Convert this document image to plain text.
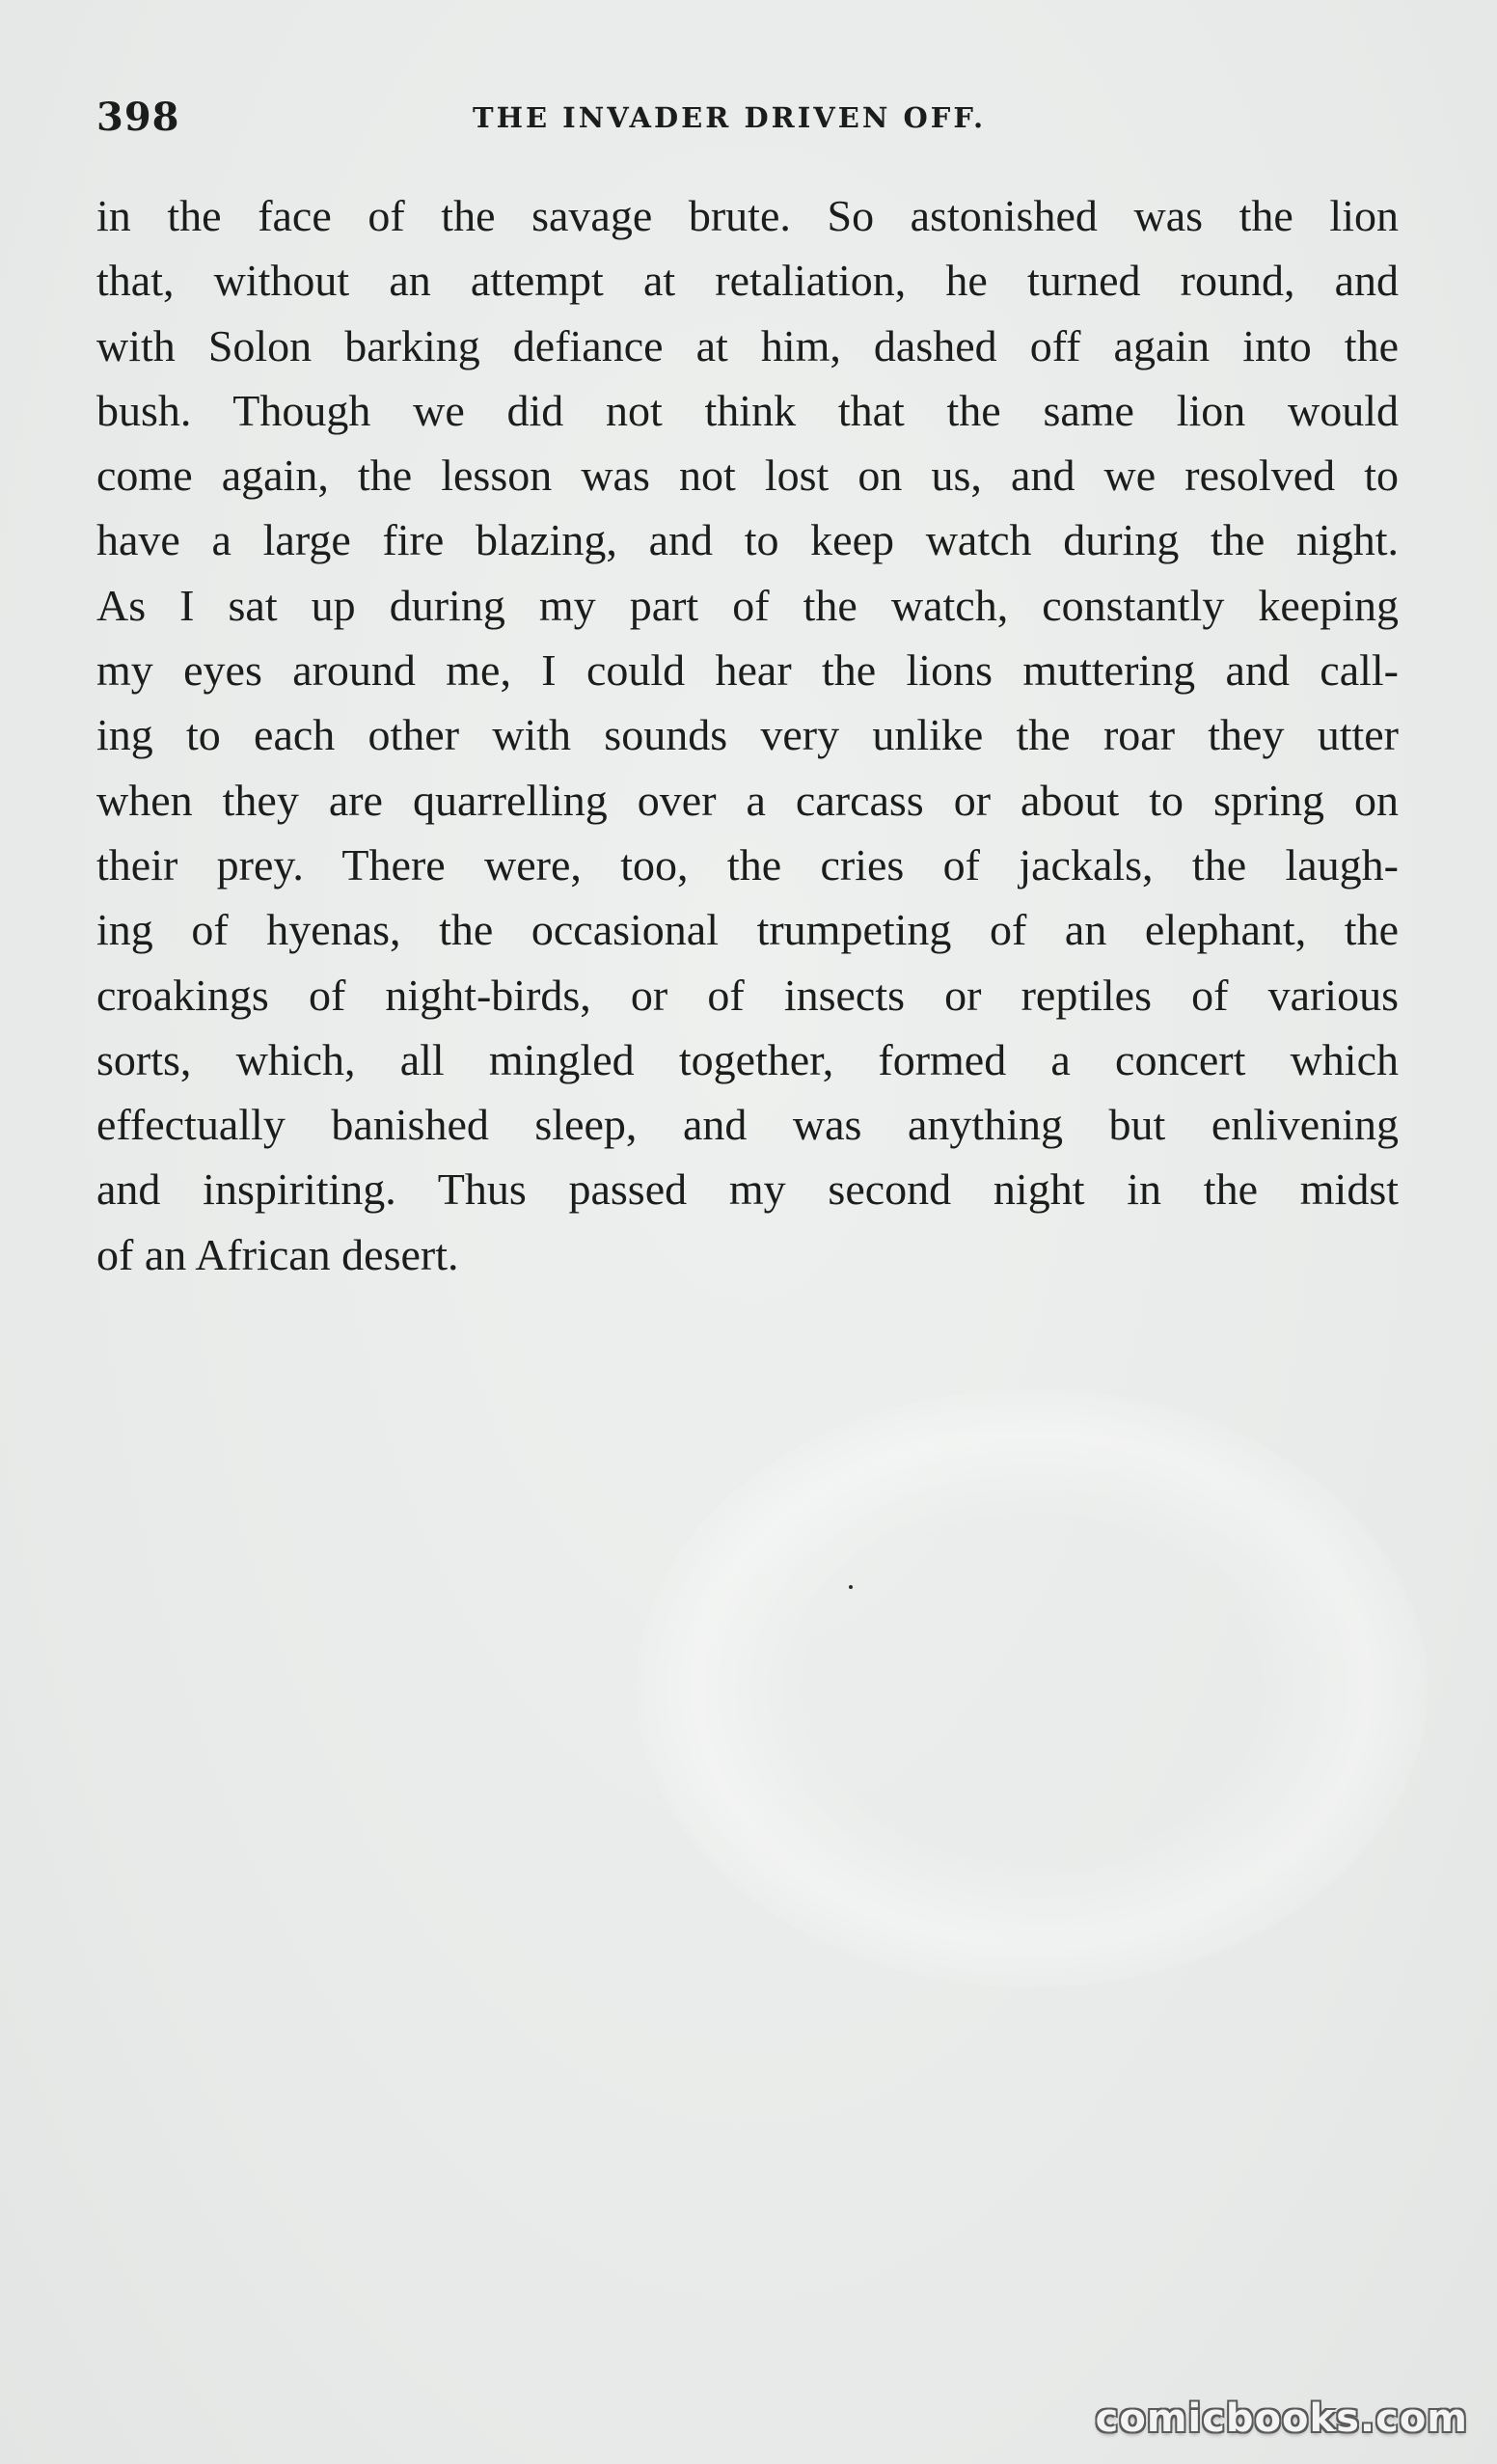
398	THE INVADER DRIVEN OFF.
in the face of the savage brute. So astonished was the lion
that, without an attempt at retaliation, he turned round, and
with Solon barking defiance at him, dashed off again into the
bush. Though we did not think that the same lion would
come again, the lesson was not lost on us, and we resolved to
have a large fire blazing, and to keep watch during the night.
As I sat up during my part of the watch, constantly keeping
my eyes around me, I could hear the lions muttering and call-
ing to each other with sounds very unlike the roar they utter
when they are quarrelling over a carcass or about to spring on
their prey. There were, too, the cries of jackals, the laugh-
ing of hyenas, the occasional trumpeting of an elephant, the
croakings of night-birds, or of insects or reptiles of various
sorts, which, all mingled together, formed a concert which
effectually banished sleep, and was anything but enlivening
and inspiriting. Thus passed my second night in the midst
of an African desert.
comicbooks.com
